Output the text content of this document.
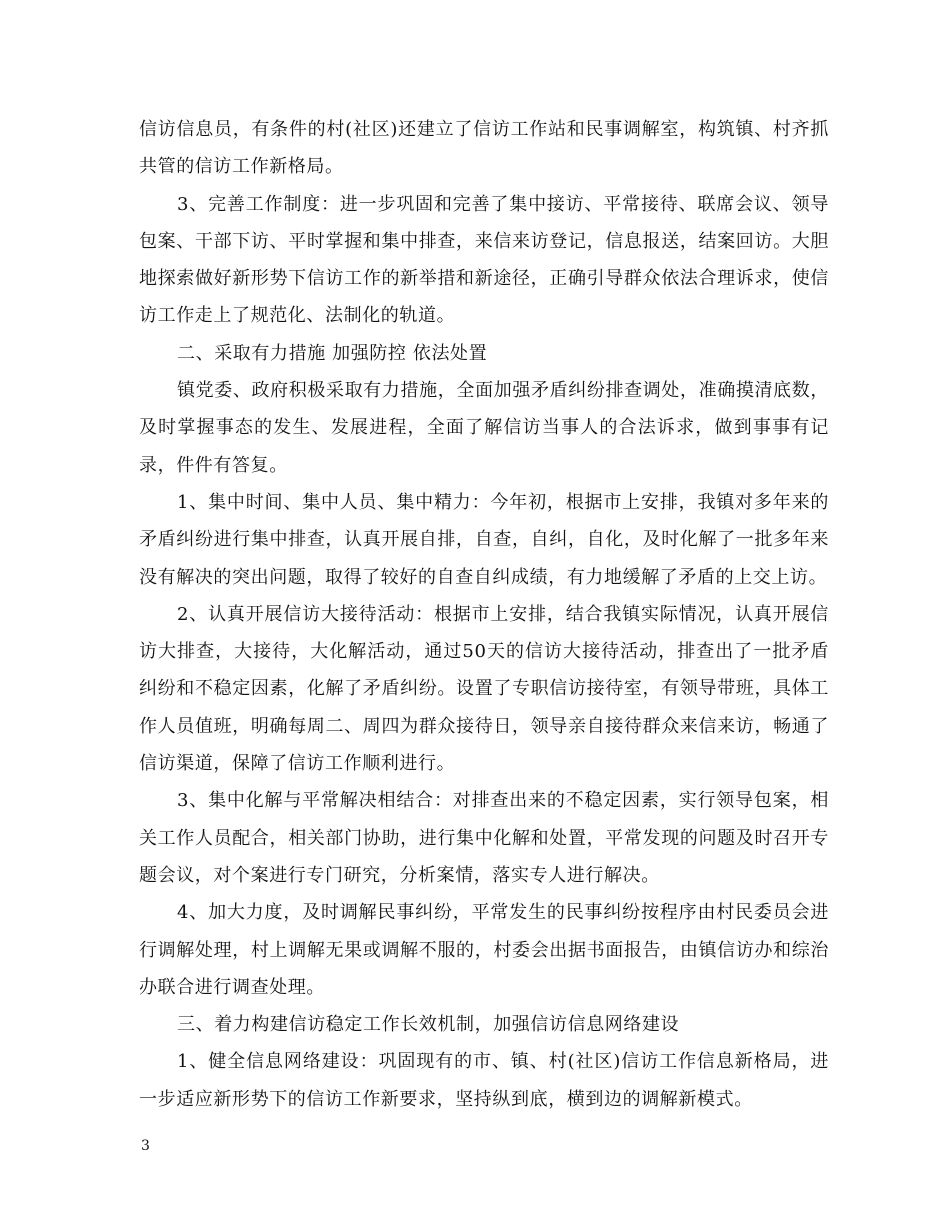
信访信息员，有条件的村(社区)还建立了信访工作站和民事调解室，构筑镇、村齐抓共管的信访工作新格局。

3、完善工作制度：进一步巩固和完善了集中接访、平常接待、联席会议、领导包案、干部下访、平时掌握和集中排查，来信来访登记，信息报送，结案回访。大胆地探索做好新形势下信访工作的新举措和新途径，正确引导群众依法合理诉求，使信访工作走上了规范化、法制化的轨道。

二、采取有力措施 加强防控 依法处置

镇党委、政府积极采取有力措施，全面加强矛盾纠纷排查调处，准确摸清底数，及时掌握事态的发生、发展进程，全面了解信访当事人的合法诉求，做到事事有记录，件件有答复。

1、集中时间、集中人员、集中精力：今年初，根据市上安排，我镇对多年来的矛盾纠纷进行集中排查，认真开展自排，自查，自纠，自化，及时化解了一批多年来没有解决的突出问题，取得了较好的自查自纠成绩，有力地缓解了矛盾的上交上访。

2、认真开展信访大接待活动：根据市上安排，结合我镇实际情况，认真开展信访大排查，大接待，大化解活动，通过50天的信访大接待活动，排查出了一批矛盾纠纷和不稳定因素，化解了矛盾纠纷。设置了专职信访接待室，有领导带班，具体工作人员值班，明确每周二、周四为群众接待日，领导亲自接待群众来信来访，畅通了信访渠道，保障了信访工作顺利进行。

3、集中化解与平常解决相结合：对排查出来的不稳定因素，实行领导包案，相关工作人员配合，相关部门协助，进行集中化解和处置，平常发现的问题及时召开专题会议，对个案进行专门研究，分析案情，落实专人进行解决。

4、加大力度，及时调解民事纠纷，平常发生的民事纠纷按程序由村民委员会进行调解处理，村上调解无果或调解不服的，村委会出据书面报告，由镇信访办和综治办联合进行调查处理。

三、着力构建信访稳定工作长效机制，加强信访信息网络建设

1、健全信息网络建设：巩固现有的市、镇、村(社区)信访工作信息新格局，进一步适应新形势下的信访工作新要求，坚持纵到底，横到边的调解新模式。

3
